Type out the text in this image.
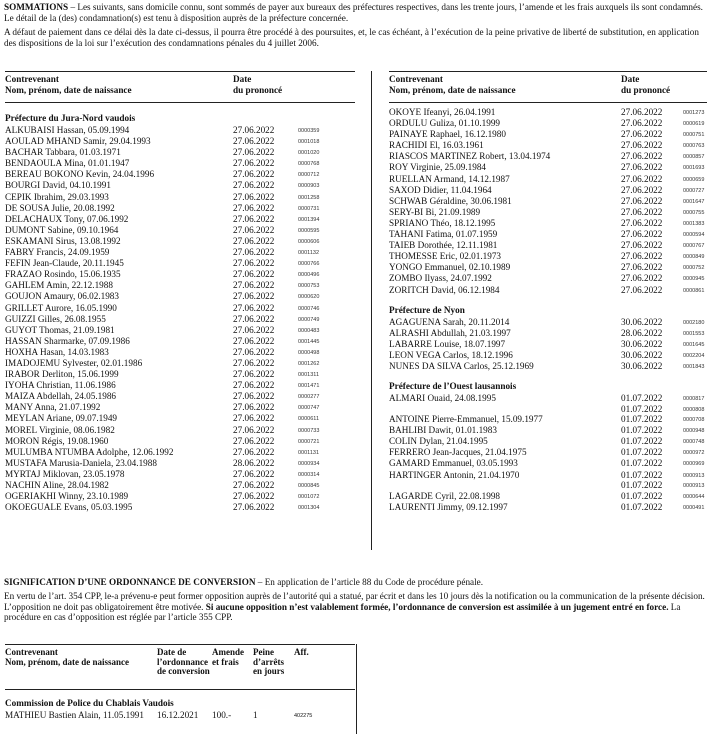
SOMMATIONS – Les suivants, sans domicile connu, sont sommés de payer aux bureaux des préfectures respectives, dans les trente jours, l’amende et les frais auxquels ils sont condamnés. Le détail de la (des) condamnation(s) est tenu à disposition auprès de la préfecture concernée.

A défaut de paiement dans ce délai dès la date ci-dessus, il pourra être procédé à des poursuites, et, le cas échéant, à l’exécution de la peine privative de liberté de substitution, en application des dispositions de la loi sur l’exécution des condamnations pénales du 4 juillet 2006.

Contrevenant
Nom, prénom, date de naissance
Date
du prononcé
Préfecture du Jura-Nord vaudois
ALKUBAISI Hassan, 05.09.1994	27.06.2022	0000359
AOULAD MHAND Samir, 29.04.1993	27.06.2022	0001018
BACHAR Tabbara, 01.03.1971	27.06.2022	0001020
BENDAOULA Mina, 01.01.1947	27.06.2022	0000768
BEREAU BOKONO Kevin, 24.04.1996	27.06.2022	0000712
BOURGI David, 04.10.1991	27.06.2022	0000903
CEPIK Ibrahim, 29.03.1993	27.06.2022	0001258
DE SOUSA Julie, 20.08.1992	27.06.2022	0000731
DELACHAUX Tony, 07.06.1992	27.06.2022	0001394
DUMONT Sabine, 09.10.1964	27.06.2022	0000595
ESKAMANI Sirus, 13.08.1992	27.06.2022	0000606
FABRY Francis, 24.09.1959	27.06.2022	0001132
FEFIN Jean-Claude, 20.11.1945	27.06.2022	0000766
FRAZAO Rosindo, 15.06.1935	27.06.2022	0000496
GAHLEM Amin, 22.12.1988	27.06.2022	0000753
GOUJON Amaury, 06.02.1983	27.06.2022	0000620
GRILLET Aurore, 16.05.1990	27.06.2022	0000746
GUIZZI Gilles, 26.08.1955	27.06.2022	0000749
GUYOT Thomas, 21.09.1981	27.06.2022	0000483
HASSAN Sharmarke, 07.09.1986	27.06.2022	0001445
HOXHA Hasan, 14.03.1983	27.06.2022	0000498
IMADOJEMU Sylvester, 02.01.1986	27.06.2022	0001262
IRABOR Derliton, 15.06.1999	27.06.2022	0001311
IYOHA Christian, 11.06.1986	27.06.2022	0001471
MAIZA Abdellah, 24.05.1986	27.06.2022	0000277
MANY Anna, 21.07.1992	27.06.2022	0000747
MEYLAN Ariane, 09.07.1949	27.06.2022	0000611
MOREL Virginie, 08.06.1982	27.06.2022	0000733
MORON Régis, 19.08.1960	27.06.2022	0000721
MULUMBA NTUMBA Adolphe, 12.06.1992	27.06.2022	0001131
MUSTAFA Marusia-Daniela, 23.04.1988	28.06.2022	0000934
MYRTAJ Miklovan, 23.05.1978	27.06.2022	0000314
NACHIN Aline, 28.04.1982	27.06.2022	0000845
OGERIAKHI Winny, 23.10.1989	27.06.2022	0001072
OKOEGUALE Evans, 05.03.1995	27.06.2022	0001304
Contrevenant
Nom, prénom, date de naissance
Date
du prononcé
OKOYE Ifeanyi, 26.04.1991	27.06.2022	0001273
ORDULU Guliza, 01.10.1999	27.06.2022	0000619
PAINAYE Raphael, 16.12.1980	27.06.2022	0000751
RACHIDI El, 16.03.1961	27.06.2022	0000763
RIASCOS MARTINEZ Robert, 13.04.1974	27.06.2022	0000857
ROY Virginie, 25.09.1984	27.06.2022	0001693
RUELLAN Armand, 14.12.1987	27.06.2022	0000659
SAXOD Didier, 11.04.1964	27.06.2022	0000727
SCHWAB Géraldine, 30.06.1981	27.06.2022	0001647
SERY-BI Bi, 21.09.1989	27.06.2022	0000755
SPRIANO Théo, 18.12.1995	27.06.2022	0001383
TAHANI Fatima, 01.07.1959	27.06.2022	0000594
TAIEB Dorothée, 12.11.1981	27.06.2022	0000767
THOMESSE Eric, 02.01.1973	27.06.2022	0000849
YONGO Emmanuel, 02.10.1989	27.06.2022	0000752
ZOMBO Ilyass, 24.07.1992	27.06.2022	0000945
ZORITCH David, 06.12.1984	27.06.2022	0000861
Préfecture de Nyon
AGAGUENA Sarah, 20.11.2014	30.06.2022	0002180
ALRASHI Abdullah, 21.03.1997	28.06.2022	0001553
LABARRE Louise, 18.07.1997	30.06.2022	0001645
LEON VEGA Carlos, 18.12.1996	30.06.2022	0002204
NUNES DA SILVA Carlos, 25.12.1969	30.06.2022	0001843
Préfecture de l’Ouest lausannois
ALMARI Ouaid, 24.08.1995	01.07.2022	0000817
01.07.2022	0000808
ANTOINE Pierre-Emmanuel, 15.09.1977	01.07.2022	0000708
BAHLIBI Dawit, 01.01.1983	01.07.2022	0000948
COLIN Dylan, 21.04.1995	01.07.2022	0000748
FERRERO Jean-Jacques, 21.04.1975	01.07.2022	0000972
GAMARD Emmanuel, 03.05.1993	01.07.2022	0000969
HARTINGER Antonin, 21.04.1970	01.07.2022	0000913
01.07.2022	0000913
LAGARDE Cyril, 22.08.1998	01.07.2022	0000644
LAURENTI Jimmy, 09.12.1997	01.07.2022	0000491
SIGNIFICATION D’UNE ORDONNANCE DE CONVERSION – En application de l’article 88 du Code de procédure pénale.

En vertu de l’art. 354 CPP, le-a prévenu-e peut former opposition auprès de l’autorité qui a statué, par écrit et dans les 10 jours dès la notification ou la communication de la présente décision. L’opposition ne doit pas obligatoirement être motivée. Si aucune opposition n’est valablement formée, l’ordonnance de conversion est assimilée à un jugement entré en force. La procédure en cas d’opposition est réglée par l’article 355 CPP.

Contrevenant
Nom, prénom, date de naissance
Date de l’ordonnance de conversion
Amende et frais
Peine d’arrêts en jours
Aff.
Commission de Police du Chablais Vaudois
MATHIEU Bastien Alain, 11.05.1991 16.12.2021 100.- 1	402275
